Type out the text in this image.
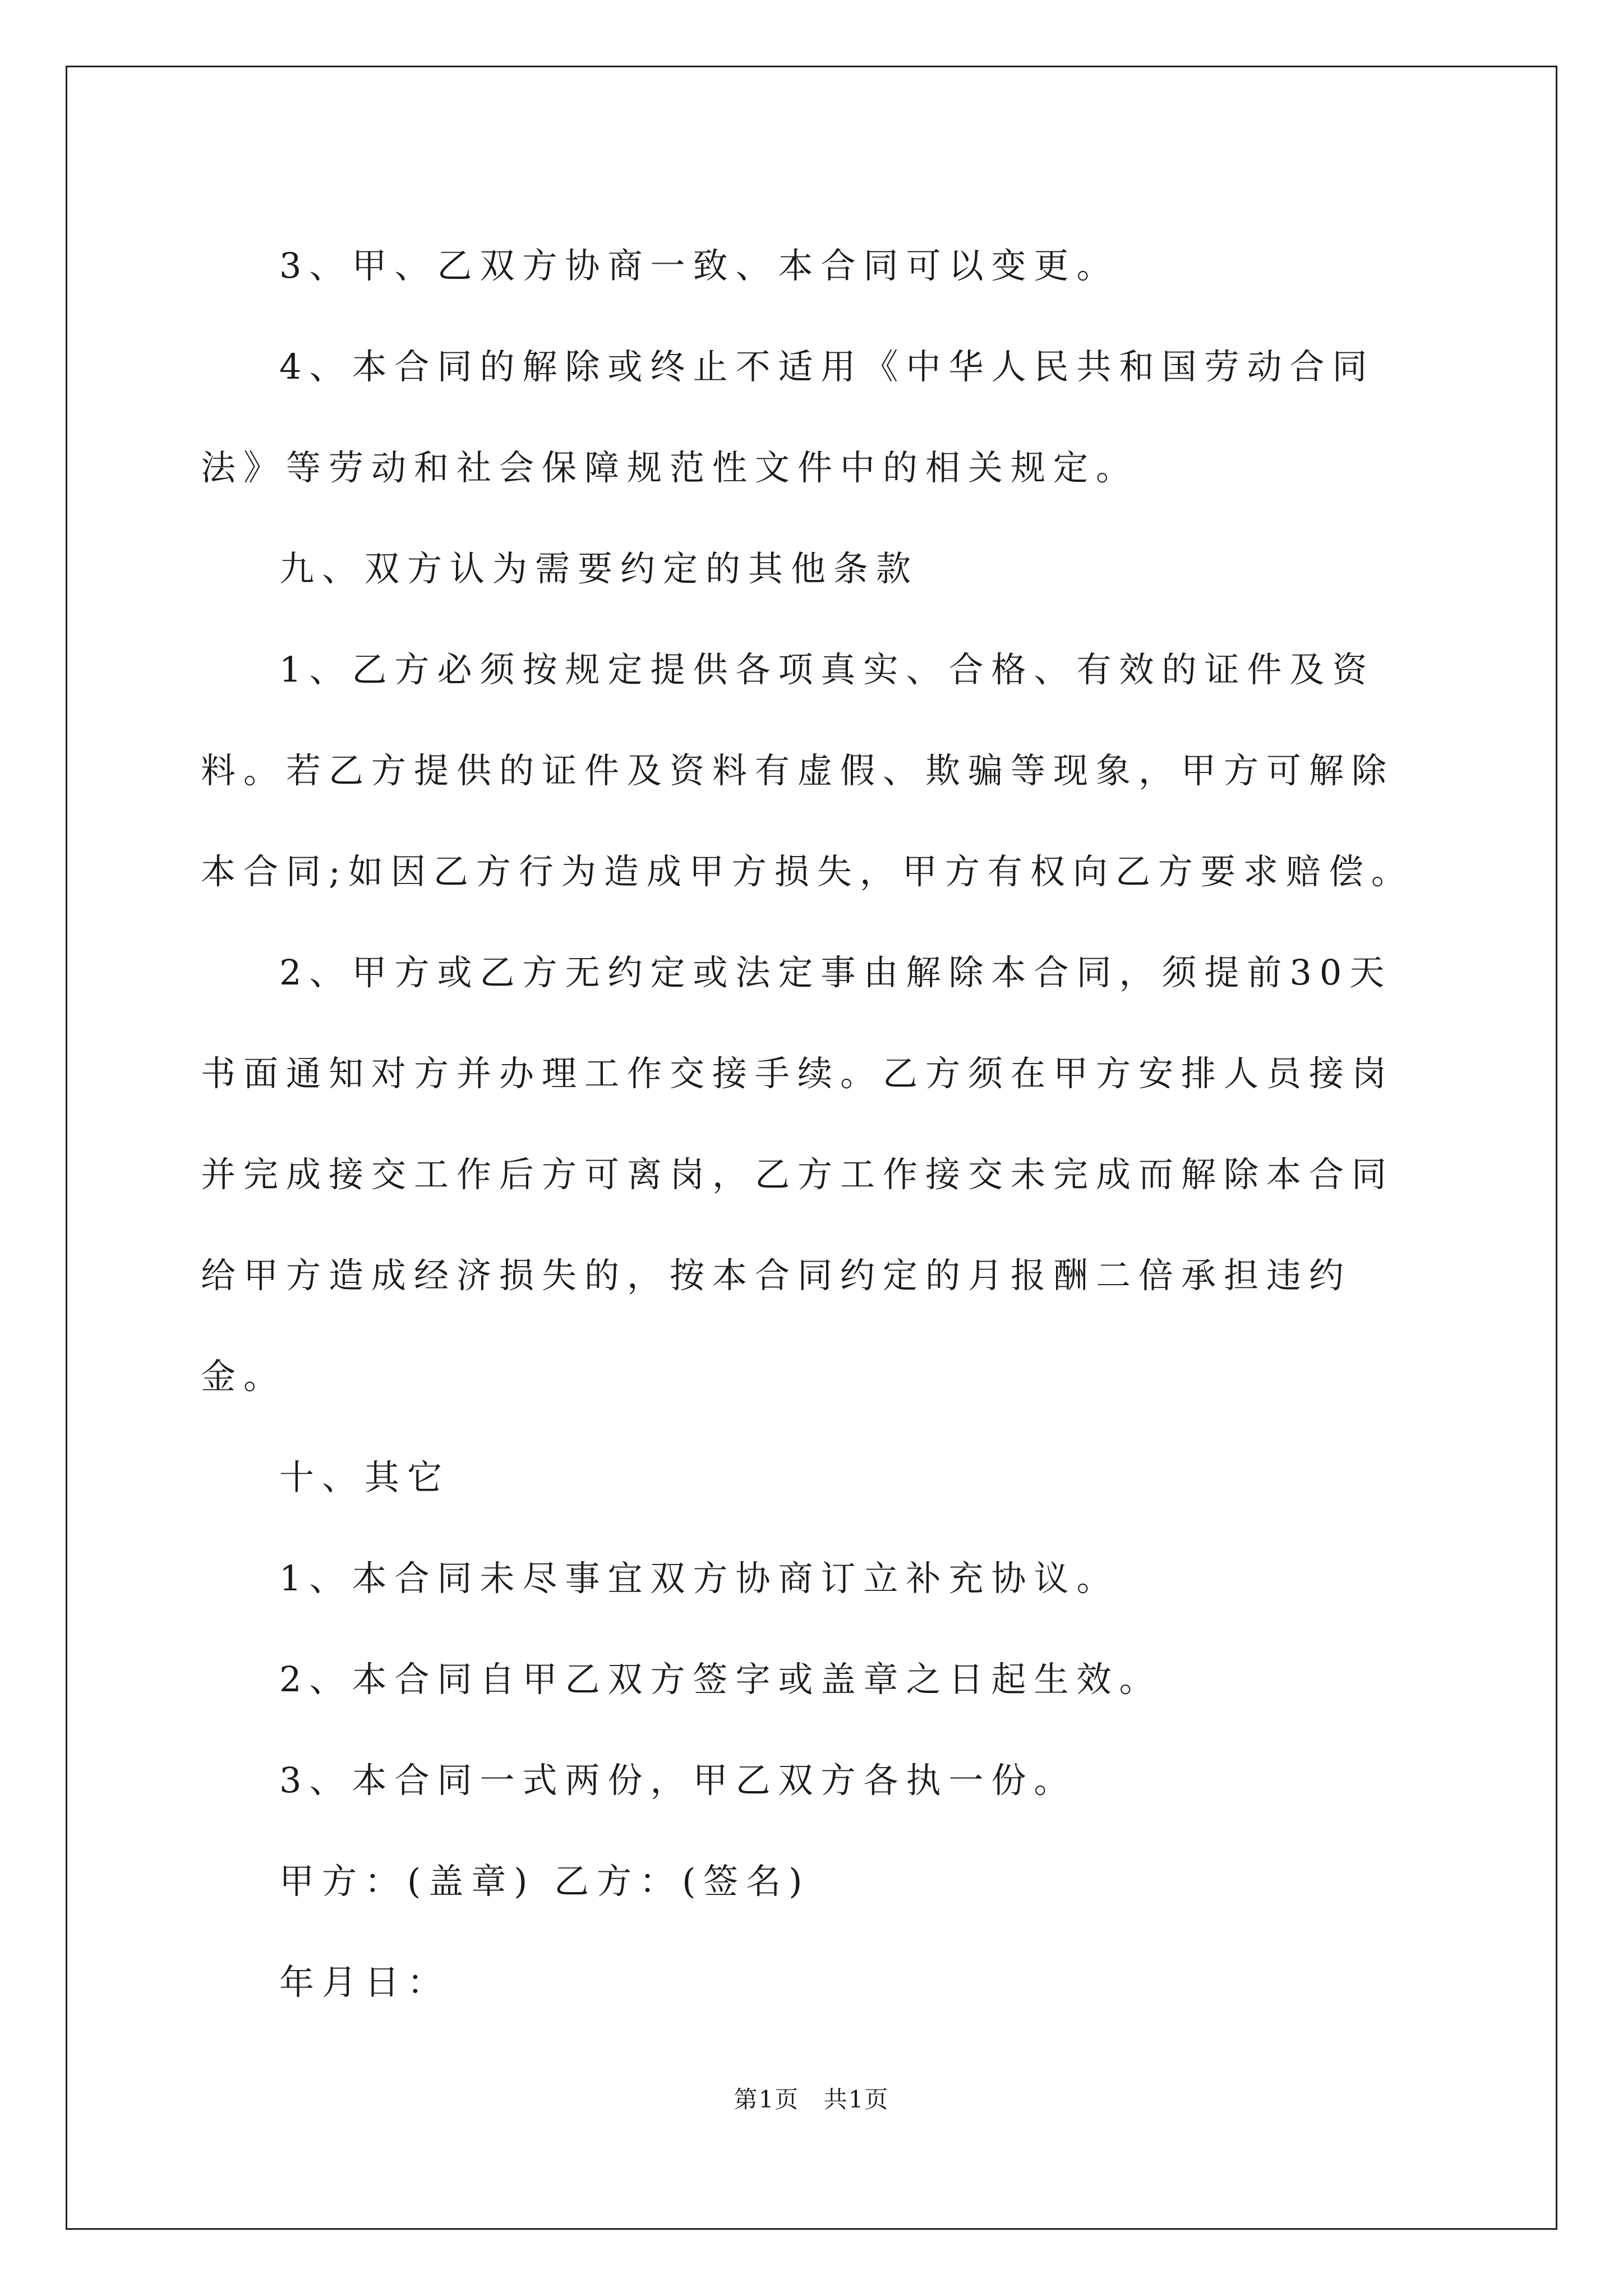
3、甲、乙双方协商一致、本合同可以变更。

4、本合同的解除或终止不适用《中华人民共和国劳动合同法》等劳动和社会保障规范性文件中的相关规定。

九、双方认为需要约定的其他条款

1、乙方必须按规定提供各项真实、合格、有效的证件及资料。若乙方提供的证件及资料有虚假、欺骗等现象，甲方可解除本合同;如因乙方行为造成甲方损失，甲方有权向乙方要求赔偿。

2、甲方或乙方无约定或法定事由解除本合同，须提前30天书面通知对方并办理工作交接手续。乙方须在甲方安排人员接岗并完成接交工作后方可离岗，乙方工作接交未完成而解除本合同给甲方造成经济损失的，按本合同约定的月报酬二倍承担违约金。

十、其它

1、本合同未尽事宜双方协商订立补充协议。

2、本合同自甲乙双方签字或盖章之日起生效。

3、本合同一式两份，甲乙双方各执一份。

甲方：(盖章) 乙方：(签名)

年月日：

第1页 共1页
